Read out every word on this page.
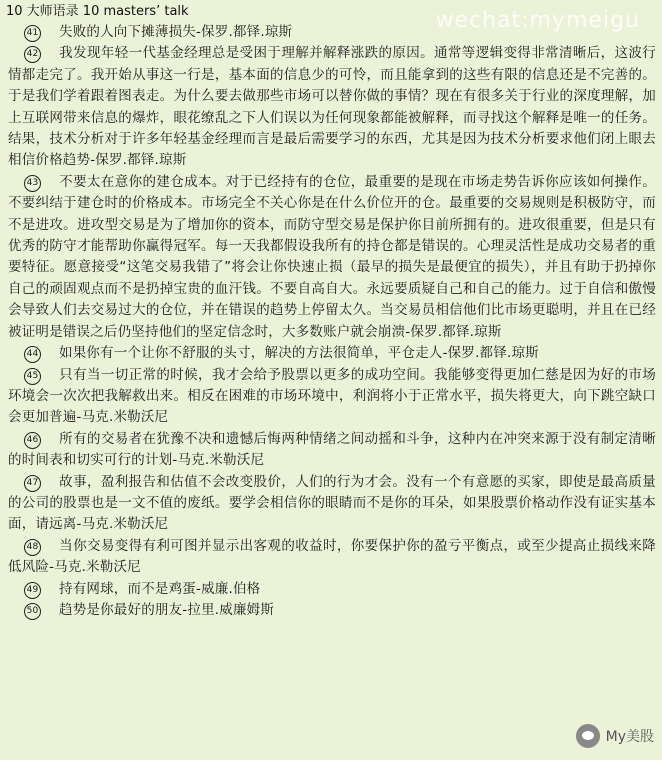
10 大师语录 10 masters’ talk	wechat:mymeigu

41 失败的人向下摊薄损失-保罗.都铎.琼斯

42 我发现年轻一代基金经理总是受困于理解并解释涨跌的原因。通常等逻辑变得非常清晰后，这波行情都走完了。我开始从事这一行是，基本面的信息少的可怜，而且能拿到的这些有限的信息还是不完善的。于是我们学着跟着图表走。为什么要去做那些市场可以替你做的事情？现在有很多关于行业的深度理解，加上互联网带来信息的爆炸，眼花缭乱之下人们误以为任何现象都能被解释，而寻找这个解释是唯一的任务。结果，技术分析对于许多年轻基金经理而言是最后需要学习的东西，尤其是因为技术分析要求他们闭上眼去相信价格趋势-保罗.都铎.琼斯

43 不要太在意你的建仓成本。对于已经持有的仓位，最重要的是现在市场走势告诉你应该如何操作。不要纠结于建仓时的价格成本。市场完全不关心你是在什么价位开的仓。最重要的交易规则是积极防守，而不是进攻。进攻型交易是为了增加你的资本，而防守型交易是保护你目前所拥有的。进攻很重要，但是只有优秀的防守才能帮助你赢得冠军。每一天我都假设我所有的持仓都是错误的。心理灵活性是成功交易者的重要特征。愿意接受“这笔交易我错了”将会让你快速止损（最早的损失是最便宜的损失），并且有助于扔掉你自己的顽固观点而不是扔掉宝贵的血汗钱。不要自高自大。永远要质疑自己和自己的能力。过于自信和傲慢会导致人们去交易过大的仓位，并在错误的趋势上停留太久。当交易员相信他们比市场更聪明，并且在已经被证明是错误之后仍坚持他们的坚定信念时，大多数账户就会崩溃-保罗.都铎.琼斯

44 如果你有一个让你不舒服的头寸，解决的方法很简单，平仓走人-保罗.都铎.琼斯

45 只有当一切正常的时候，我才会给予股票以更多的成功空间。我能够变得更加仁慈是因为好的市场环境会一次次把我解救出来。相反在困难的市场环境中，利润将小于正常水平，损失将更大，向下跳空缺口会更加普遍-马克.米勒沃尼

46 所有的交易者在犹豫不决和遗憾后悔两种情绪之间动摇和斗争，这种内在冲突来源于没有制定清晰的时间表和切实可行的计划-马克.米勒沃尼

47 故事，盈利报告和估值不会改变股价，人们的行为才会。没有一个有意愿的买家，即使是最高质量的公司的股票也是一文不值的废纸。要学会相信你的眼睛而不是你的耳朵，如果股票价格动作没有证实基本面，请远离-马克.米勒沃尼

48 当你交易变得有利可图并显示出客观的收益时，你要保护你的盈亏平衡点，或至少提高止损线来降低风险-马克.米勒沃尼

49 持有网球，而不是鸡蛋-威廉.伯格

50 趋势是你最好的朋友-拉里.威廉姆斯

My美股
